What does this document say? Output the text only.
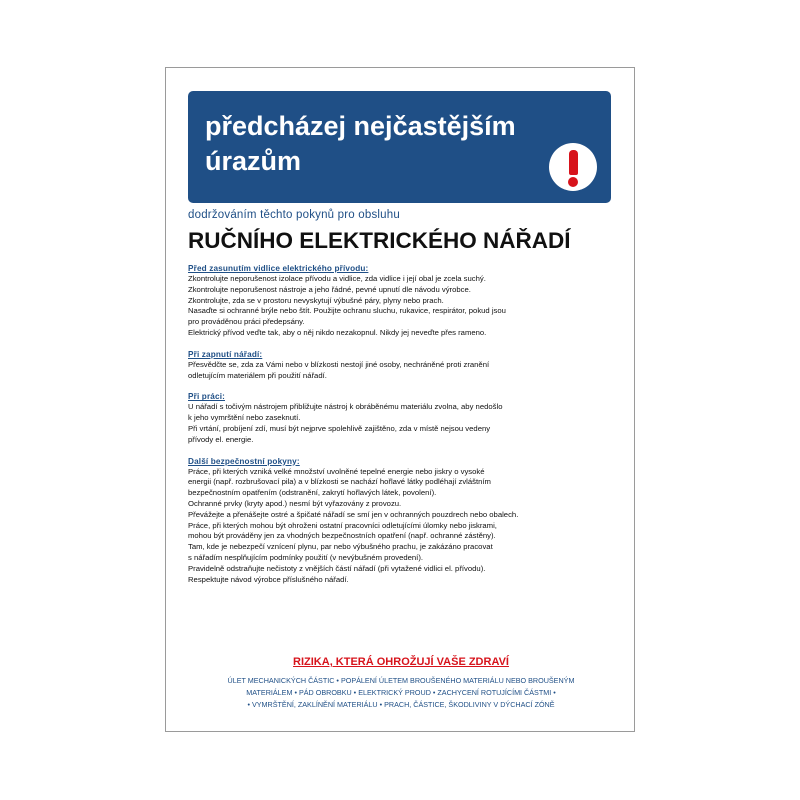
předcházej nejčastějším
úrazům
dodržováním těchto pokynů pro obsluhu
RUČNÍHO ELEKTRICKÉHO NÁŘADÍ
Před zasunutím vidlice elektrického přívodu:
Zkontrolujte neporušenost izolace přívodu a vidlice, zda vidlice i její obal je zcela suchý.
Zkontrolujte neporušenost nástroje a jeho řádné, pevné upnutí dle návodu výrobce.
Zkontrolujte, zda se v prostoru nevyskytují výbušné páry, plyny nebo prach.
Nasaďte si ochranné brýle nebo štít. Použijte ochranu sluchu, rukavice, respirátor, pokud jsou
pro prováděnou práci předepsány.
Elektrický přívod veďte tak, aby o něj nikdo nezakopnul. Nikdy jej neveďte přes rameno.
Při zapnutí nářadí:
Přesvědčte se, zda za Vámi nebo v blízkosti nestojí jiné osoby, nechráněné proti zranění
odletujícím materiálem při použití nářadí.
Při práci:
U nářadí s točivým nástrojem přibližujte nástroj k obráběnému materiálu zvolna, aby nedošlo
k jeho vymrštění nebo zaseknutí.
Při vrtání, probíjení zdí, musí být nejprve spolehlivě zajištěno, zda v místě nejsou vedeny
přívody el. energie.
Další bezpečnostní pokyny:
Práce, při kterých vzniká velké množství uvolněné tepelné energie nebo jiskry o vysoké
energii (např. rozbrušovací pila) a v blízkosti se nachází hořlavé látky podléhají zvláštním
bezpečnostním opatřením (odstranění, zakrytí hořlavých látek, povolení).
Ochranné prvky (kryty apod.) nesmí být vyřazovány z provozu.
Převážejte a přenášejte ostré a špičaté nářadí se smí jen v ochranných pouzdrech nebo obalech.
Práce, při kterých mohou být ohroženi ostatní pracovníci odletujícími úlomky nebo jiskrami,
mohou být prováděny jen za vhodných bezpečnostních opatření (např. ochranné zástěny).
Tam, kde je nebezpečí vznícení plynu, par nebo výbušného prachu, je zakázáno pracovat
s nářadím nesplňujícím podmínky použití (v nevýbušném provedení).
Pravidelně odstraňujte nečistoty z vnějších částí nářadí (při vytažené vidlici el. přívodu).
Respektujte návod výrobce příslušného nářadí.
RIZIKA, KTERÁ OHROŽUJÍ VAŠE ZDRAVÍ
ÚLET MECHANICKÝCH ČÁSTIC • POPÁLENÍ ÚLETEM BROUŠENÉHO MATERIÁLU NEBO BROUŠENÝM
MATERIÁLEM • PÁD OBROBKU • ELEKTRICKÝ PROUD • ZACHYCENÍ ROTUJÍCÍMI ČÁSTMI •
• VYMRŠTĚNÍ, ZAKLÍNĚNÍ MATERIÁLU • PRACH, ČÁSTICE, ŠKODLIVINY V DÝCHACÍ ZÓNĚ
